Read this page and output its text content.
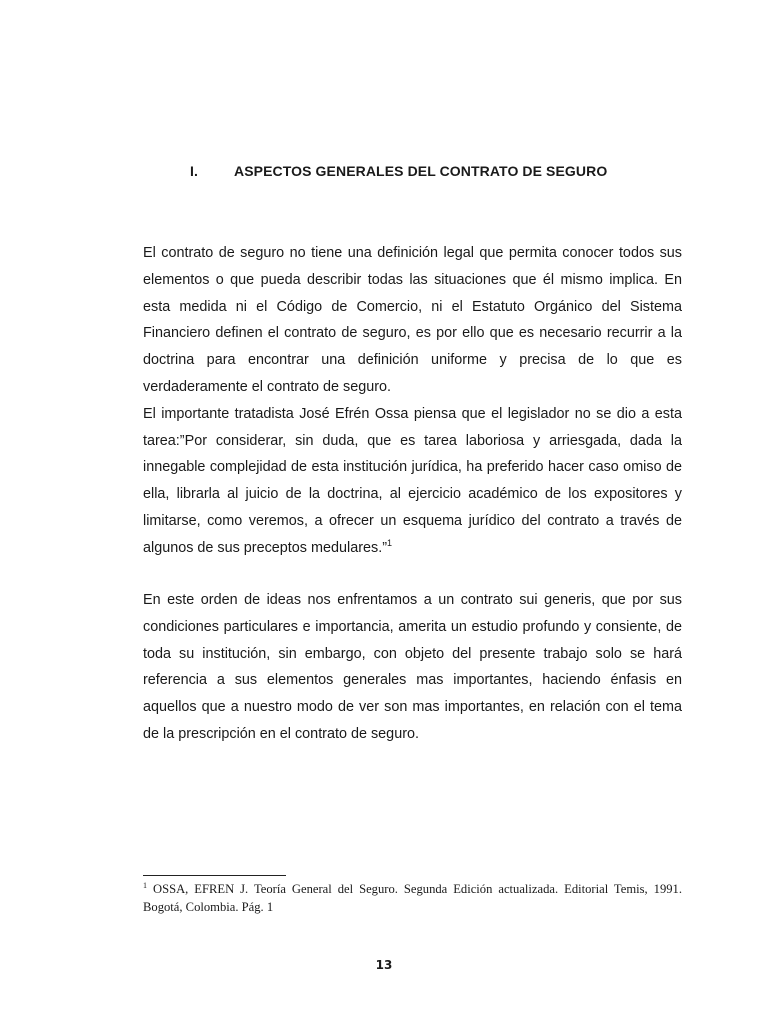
I.	ASPECTOS GENERALES DEL CONTRATO DE SEGURO

El contrato de seguro no tiene una definición legal que permita conocer todos sus elementos o que pueda describir todas las situaciones que él mismo implica. En esta medida ni el Código de Comercio, ni el Estatuto Orgánico del Sistema Financiero definen el contrato de seguro, es por ello que es necesario recurrir a la doctrina para encontrar una definición uniforme y precisa de lo que es verdaderamente el contrato de seguro.

El importante tratadista José Efrén Ossa piensa que el legislador no se dio a esta tarea:”Por considerar, sin duda, que es tarea laboriosa y arriesgada, dada la innegable complejidad de esta institución jurídica, ha preferido hacer caso omiso de ella, librarla al juicio de la doctrina, al ejercicio académico de los expositores y limitarse, como veremos, a ofrecer un esquema jurídico del contrato a través de algunos de sus preceptos medulares.”$^1$

En este orden de ideas nos enfrentamos a un contrato sui generis, que por sus condiciones particulares e importancia, amerita un estudio profundo y consiente, de toda su institución, sin embargo, con objeto del presente trabajo solo se hará referencia a sus elementos generales mas importantes, haciendo énfasis en aquellos que a nuestro modo de ver son mas importantes, en relación con el tema de la prescripción en el contrato de seguro.

$^1$ OSSA, EFREN J. Teoría General del Seguro. Segunda Edición actualizada. Editorial Temis, 1991. Bogotá, Colombia. Pág. 1
13
